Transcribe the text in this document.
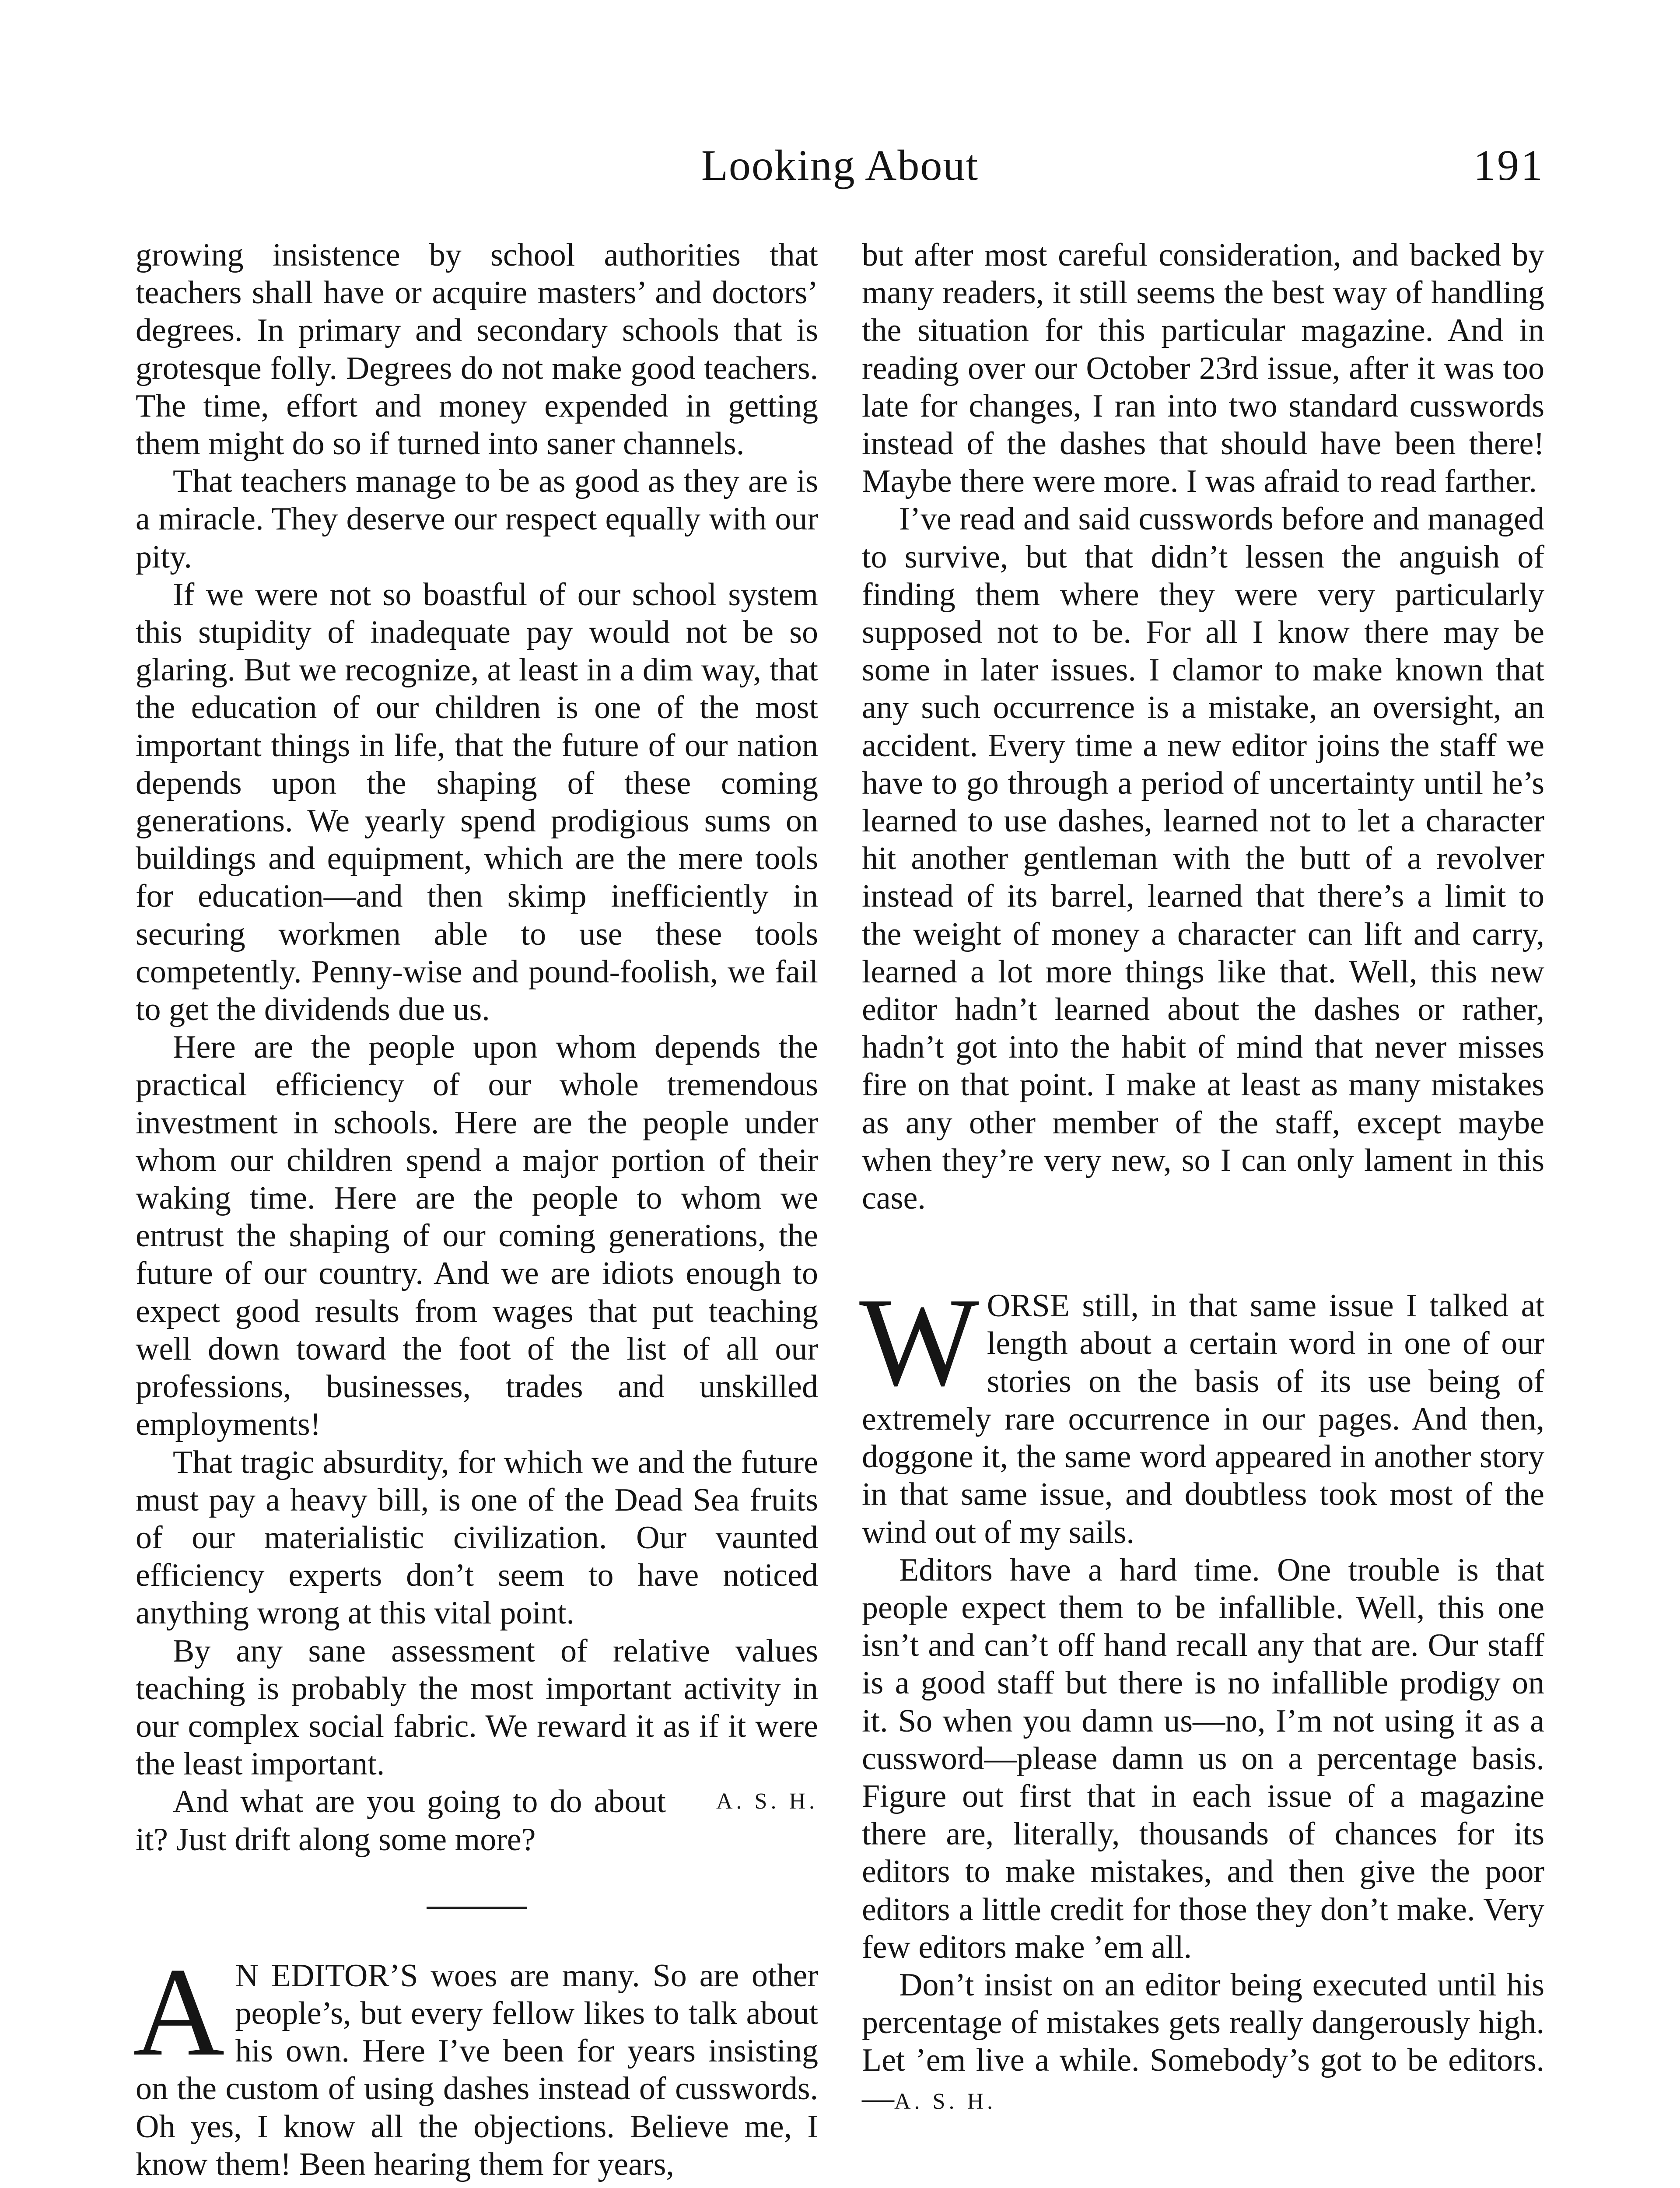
Looking About	191

growing insistence by school authorities that teachers shall have or acquire masters’ and doctors’ degrees. In primary and secondary schools that is grotesque folly. Degrees do not make good teachers. The time, effort and money expended in getting them might do so if turned into saner channels.

That teachers manage to be as good as they are is a miracle. They deserve our respect equally with our pity.

If we were not so boastful of our school system this stupidity of inadequate pay would not be so glaring. But we recognize, at least in a dim way, that the education of our children is one of the most important things in life, that the future of our nation depends upon the shaping of these coming generations. We yearly spend prodigious sums on buildings and equipment, which are the mere tools for education—and then skimp inefficiently in securing workmen able to use these tools competently. Penny-wise and pound-foolish, we fail to get the dividends due us.

Here are the people upon whom depends the practical efficiency of our whole tremendous investment in schools. Here are the people under whom our children spend a major portion of their waking time. Here are the people to whom we entrust the shaping of our coming generations, the future of our country. And we are idiots enough to expect good results from wages that put teaching well down toward the foot of the list of all our professions, businesses, trades and unskilled employments!

That tragic absurdity, for which we and the future must pay a heavy bill, is one of the Dead Sea fruits of our materialistic civilization. Our vaunted efficiency experts don’t seem to have noticed anything wrong at this vital point.

By any sane assessment of relative values teaching is probably the most important activity in our complex social fabric. We reward it as if it were the least important.

A. S. H.
And what are you going to do about it? Just drift along some more?

A N EDITOR’S woes are many. So are other people’s, but every fellow likes to talk about his own. Here I’ve been for years insisting on the custom of using dashes instead of cusswords. Oh yes, I know all the objections. Believe me, I know them! Been hearing them for years,

but after most careful consideration, and backed by many readers, it still seems the best way of handling the situation for this particular magazine. And in reading over our October 23rd issue, after it was too late for changes, I ran into two standard cusswords instead of the dashes that should have been there! Maybe there were more. I was afraid to read farther.

I’ve read and said cusswords before and managed to survive, but that didn’t lessen the anguish of finding them where they were very particularly supposed not to be. For all I know there may be some in later issues. I clamor to make known that any such occurrence is a mistake, an oversight, an accident. Every time a new editor joins the staff we have to go through a period of uncertainty until he’s learned to use dashes, learned not to let a character hit another gentleman with the butt of a revolver instead of its barrel, learned that there’s a limit to the weight of money a character can lift and carry, learned a lot more things like that. Well, this new editor hadn’t learned about the dashes or rather, hadn’t got into the habit of mind that never misses fire on that point. I make at least as many mistakes as any other member of the staff, except maybe when they’re very new, so I can only lament in this case.

WORSE still, in that same issue I talked at length about a certain word in one of our stories on the basis of its use being of extremely rare occurrence in our pages. And then, doggone it, the same word appeared in another story in that same issue, and doubtless took most of the wind out of my sails.

Editors have a hard time. One trouble is that people expect them to be infallible. Well, this one isn’t and can’t off hand recall any that are. Our staff is a good staff but there is no infallible prodigy on it. So when you damn us—no, I’m not using it as a cussword—please damn us on a percentage basis. Figure out first that in each issue of a magazine there are, literally, thousands of chances for its editors to make mistakes, and then give the poor editors a little credit for those they don’t make. Very few editors make ’em all.

Don’t insist on an editor being executed until his percentage of mistakes gets really dangerously high. Let ’em live a while. Somebody’s got to be editors.—A. S. H.
